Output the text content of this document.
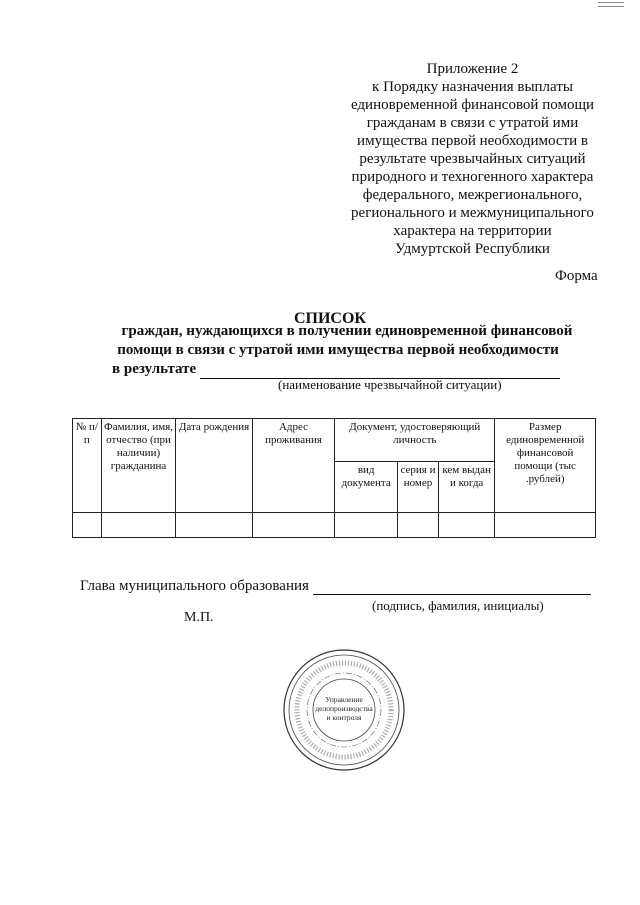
Приложение 2
к Порядку назначения выплаты
единовременной финансовой помощи
гражданам в связи с утратой ими
имущества первой необходимости в
результате чрезвычайных ситуаций
природного и техногенного характера
федерального, межрегионального,
регионального и межмуниципального
характера на территории
Удмуртской Республики
Форма
СПИСОК
граждан, нуждающихся в получении единовременной финансовой
помощи в связи с утратой ими имущества первой необходимости
в результате
(наименование чрезвычайной ситуации)
№ п/п	Фамилия, имя, отчество (при наличии) гражданина	Дата рождения	Адрес проживания	Документ, удостоверяющий личность			Размер единовременной финансовой помощи (тыс .рублей)
				вид документа	серия и номер	кем выдан и когда	

Глава муниципального образования
(подпись, фамилия, инициалы)
М.П.
Управление
делопроизводства
и контроля
